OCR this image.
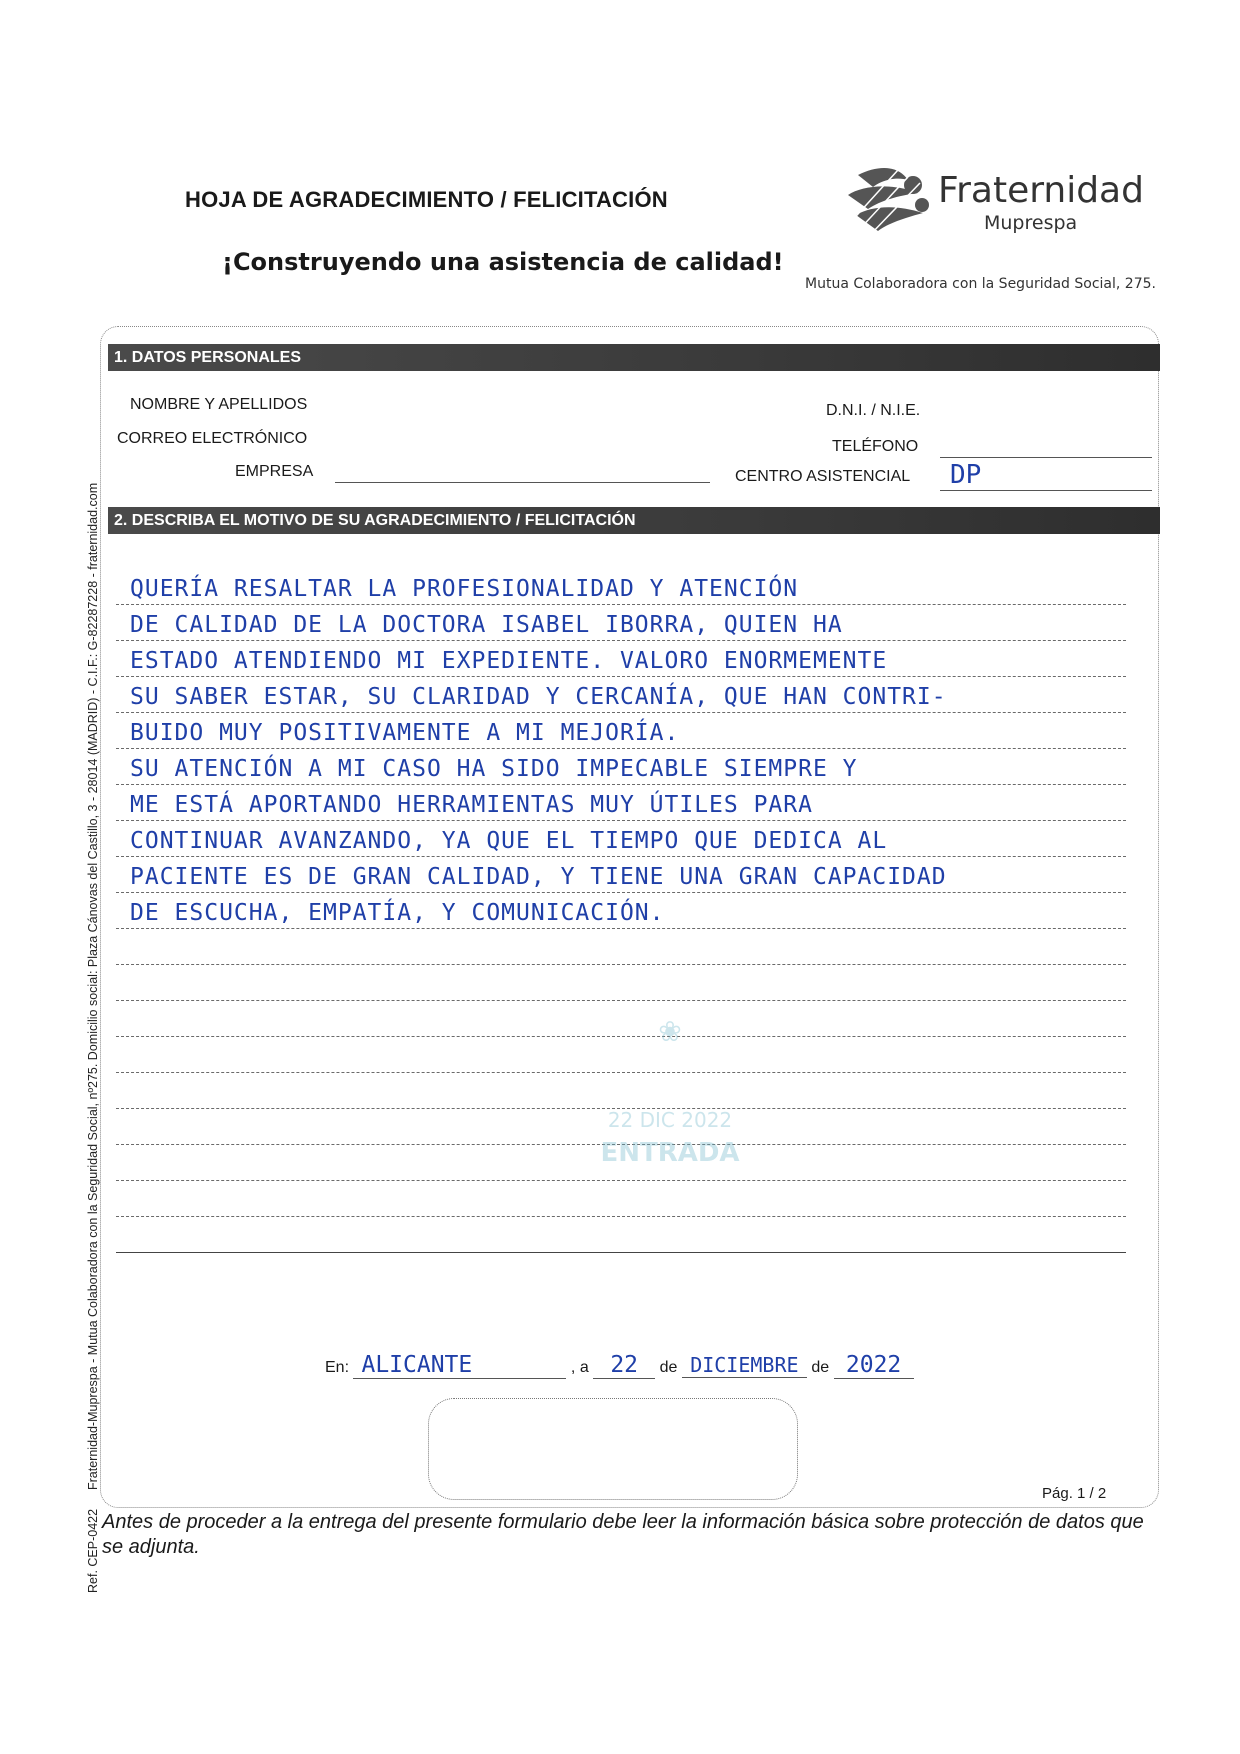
HOJA DE AGRADECIMIENTO / FELICITACIÓN
¡Construyendo una asistencia de calidad!
Fraternidad
Muprespa
Mutua Colaboradora con la Seguridad Social, 275.
Fraternidad-Muprespa - Mutua Colaboradora con la Seguridad Social, nº275. Domicilio social: Plaza Cánovas del Castillo, 3 - 28014 (MADRID) - C.I.F.: G-82287228 - fraternidad.com
Ref. CEP-0422
1. DATOS PERSONALES
NOMBRE Y APELLIDOS	D.N.I. / N.I.E.
CORREO ELECTRÓNICO	TELÉFONO
EMPRESA	CENTRO ASISTENCIAL DP
2. DESCRIBA EL MOTIVO DE SU AGRADECIMIENTO / FELICITACIÓN
QUERÍA RESALTAR LA PROFESIONALIDAD Y ATENCIÓN
DE CALIDAD DE LA DOCTORA ISABEL IBORRA, QUIEN HA
ESTADO ATENDIENDO MI EXPEDIENTE. VALORO ENORMEMENTE
SU SABER ESTAR, SU CLARIDAD Y CERCANÍA, QUE HAN CONTRI-
BUIDO MUY POSITIVAMENTE A MI MEJORÍA.
SU ATENCIÓN A MI CASO HA SIDO IMPECABLE SIEMPRE Y
ME ESTÁ APORTANDO HERRAMIENTAS MUY ÚTILES PARA
CONTINUAR AVANZANDO, YA QUE EL TIEMPO QUE DEDICA AL
PACIENTE ES DE GRAN CALIDAD, Y TIENE UNA GRAN CAPACIDAD
DE ESCUCHA, EMPATÍA, Y COMUNICACIÓN.
❀
22 DIC 2022
ENTRADA
En: ALICANTE	, a 22 de DICIEMBRE de 2022
Pág. 1 / 2
Antes de proceder a la entrega del presente formulario debe leer la información básica sobre protección de datos que se adjunta.
